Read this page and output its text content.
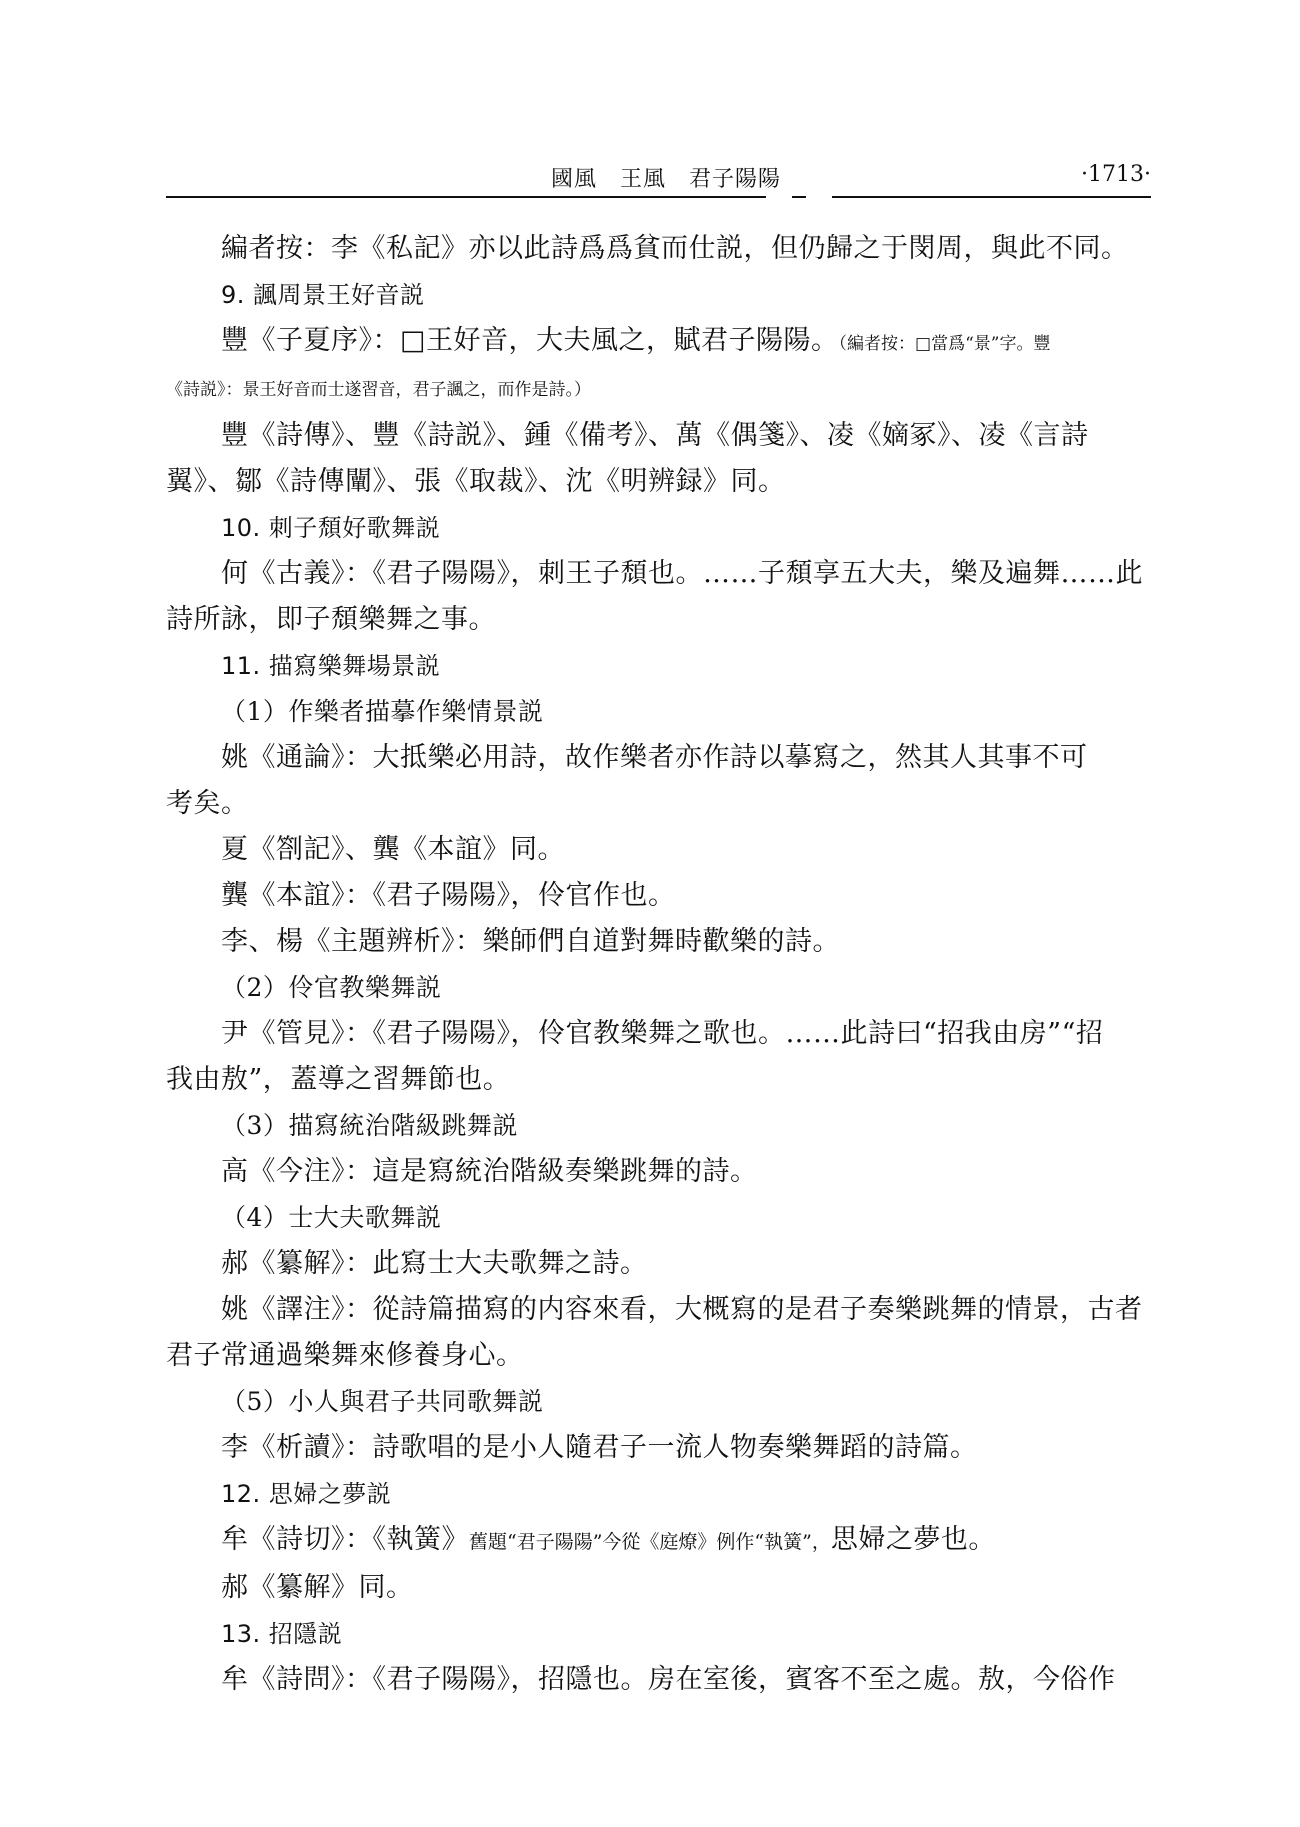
國風　王風　君子陽陽	·1713·
編者按：李《私記》亦以此詩爲爲貧而仕説，但仍歸之于閔周，與此不同。
9. 諷周景王好音説
豐《子夏序》：□王好音，大夫風之，賦君子陽陽。（編者按：□當爲“景”字。豐
《詩説》：景王好音而士遂習音，君子諷之，而作是詩。）
豐《詩傳》、豐《詩説》、鍾《備考》、萬《偶箋》、凌《嫡冢》、凌《言詩
翼》、鄒《詩傳闡》、張《取裁》、沈《明辨録》同。
10. 刺子頹好歌舞説
何《古義》：《君子陽陽》，刺王子頹也。……子頹享五大夫，樂及遍舞……此
詩所詠，即子頹樂舞之事。
11. 描寫樂舞場景説
（1）作樂者描摹作樂情景説
姚《通論》：大抵樂必用詩，故作樂者亦作詩以摹寫之，然其人其事不可
考矣。
夏《劄記》、龔《本誼》同。
龔《本誼》：《君子陽陽》，伶官作也。
李、楊《主題辨析》：樂師們自道對舞時歡樂的詩。
（2）伶官教樂舞説
尹《管見》：《君子陽陽》，伶官教樂舞之歌也。……此詩曰“招我由房”“招
我由敖”，蓋導之習舞節也。
（3）描寫統治階級跳舞説
高《今注》：這是寫統治階級奏樂跳舞的詩。
（4）士大夫歌舞説
郝《纂解》：此寫士大夫歌舞之詩。
姚《譯注》：從詩篇描寫的内容來看，大概寫的是君子奏樂跳舞的情景，古者
君子常通過樂舞來修養身心。
（5）小人與君子共同歌舞説
李《析讀》：詩歌唱的是小人隨君子一流人物奏樂舞蹈的詩篇。
12. 思婦之夢説
牟《詩切》：《執簧》舊題“君子陽陽”今從《庭燎》例作“執簧”，思婦之夢也。
郝《纂解》同。
13. 招隱説
牟《詩問》：《君子陽陽》，招隱也。房在室後，賓客不至之處。敖，今俗作
